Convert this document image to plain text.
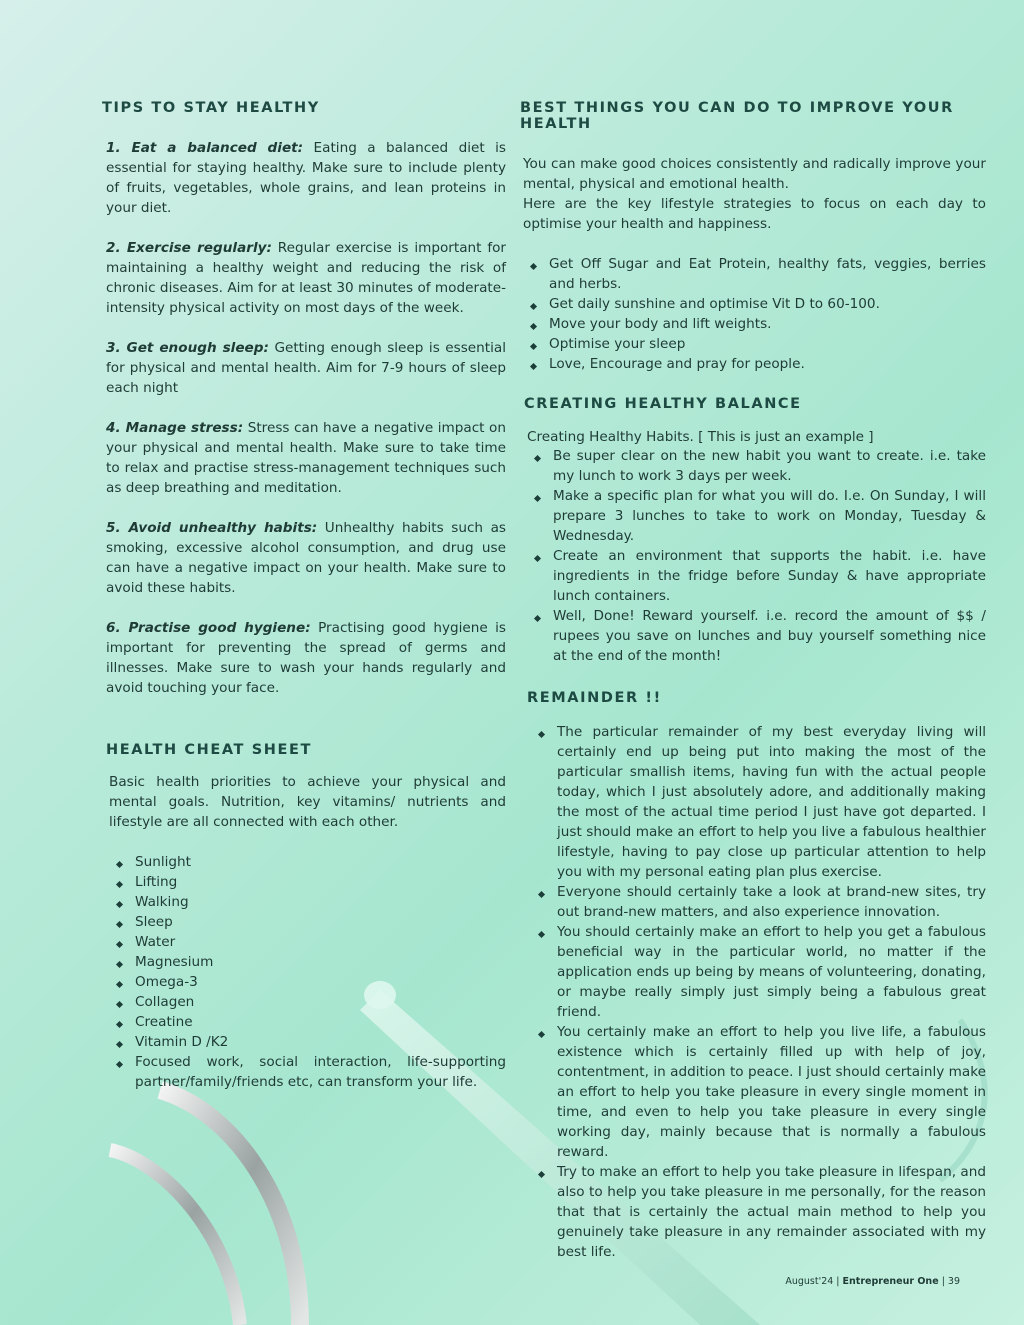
TIPS TO STAY HEALTHY

1. Eat a balanced diet: Eating a balanced diet is essential for staying healthy. Make sure to include plenty of fruits, vegetables, whole grains, and lean proteins in your diet.

2. Exercise regularly: Regular exercise is important for maintaining a healthy weight and reducing the risk of chronic diseases. Aim for at least 30 minutes of moderate-intensity physical activity on most days of the week.

3. Get enough sleep: Getting enough sleep is essential for physical and mental health. Aim for 7-9 hours of sleep each night

4. Manage stress: Stress can have a negative impact on your physical and mental health. Make sure to take time to relax and practise stress-management techniques such as deep breathing and meditation.

5. Avoid unhealthy habits: Unhealthy habits such as smoking, excessive alcohol consumption, and drug use can have a negative impact on your health. Make sure to avoid these habits.

6. Practise good hygiene: Practising good hygiene is important for preventing the spread of germs and illnesses. Make sure to wash your hands regularly and avoid touching your face.

HEALTH CHEAT SHEET

Basic health priorities to achieve your physical and mental goals. Nutrition, key vitamins/ nutrients and lifestyle are all connected with each other.

Sunlight
Lifting
Walking
Sleep
Water
Magnesium
Omega-3
Collagen
Creatine
Vitamin D /K2
Focused work, social interaction, life-supporting partner/family/friends etc, can transform your life.
BEST THINGS YOU CAN DO TO IMPROVE YOUR HEALTH

You can make good choices consistently and radically improve your mental, physical and emotional health.

Here are the key lifestyle strategies to focus on each day to optimise your health and happiness.

Get Off Sugar and Eat Protein, healthy fats, veggies, berries and herbs.
Get daily sunshine and optimise Vit D to 60-100.
Move your body and lift weights.
Optimise your sleep
Love, Encourage and pray for people.
CREATING HEALTHY BALANCE

Creating Healthy Habits. [ This is just an example ]

Be super clear on the new habit you want to create. i.e. take my lunch to work 3 days per week.
Make a specific plan for what you will do. I.e. On Sunday, I will prepare 3 lunches to take to work on Monday, Tuesday & Wednesday.
Create an environment that supports the habit. i.e. have ingredients in the fridge before Sunday & have appropriate lunch containers.
Well, Done! Reward yourself. i.e. record the amount of $$ / rupees you save on lunches and buy yourself something nice at the end of the month!
REMAINDER !!
The particular remainder of my best everyday living will certainly end up being put into making the most of the particular smallish items, having fun with the actual people today, which I just absolutely adore, and additionally making the most of the actual time period I just have got departed. I just should make an effort to help you live a fabulous healthier lifestyle, having to pay close up particular attention to help you with my personal eating plan plus exercise.
Everyone should certainly take a look at brand-new sites, try out brand-new matters, and also experience innovation.
You should certainly make an effort to help you get a fabulous beneficial way in the particular world, no matter if the application ends up being by means of volunteering, donating, or maybe really simply just simply being a fabulous great friend.
You certainly make an effort to help you live life, a fabulous existence which is certainly filled up with help of joy, contentment, in addition to peace. I just should certainly make an effort to help you take pleasure in every single moment in time, and even to help you take pleasure in every single working day, mainly because that is normally a fabulous reward.
Try to make an effort to help you take pleasure in lifespan, and also to help you take pleasure in me personally, for the reason that that is certainly the actual main method to help you genuinely take pleasure in any remainder associated with my best life.
August'24 | Entrepreneur One | 39
